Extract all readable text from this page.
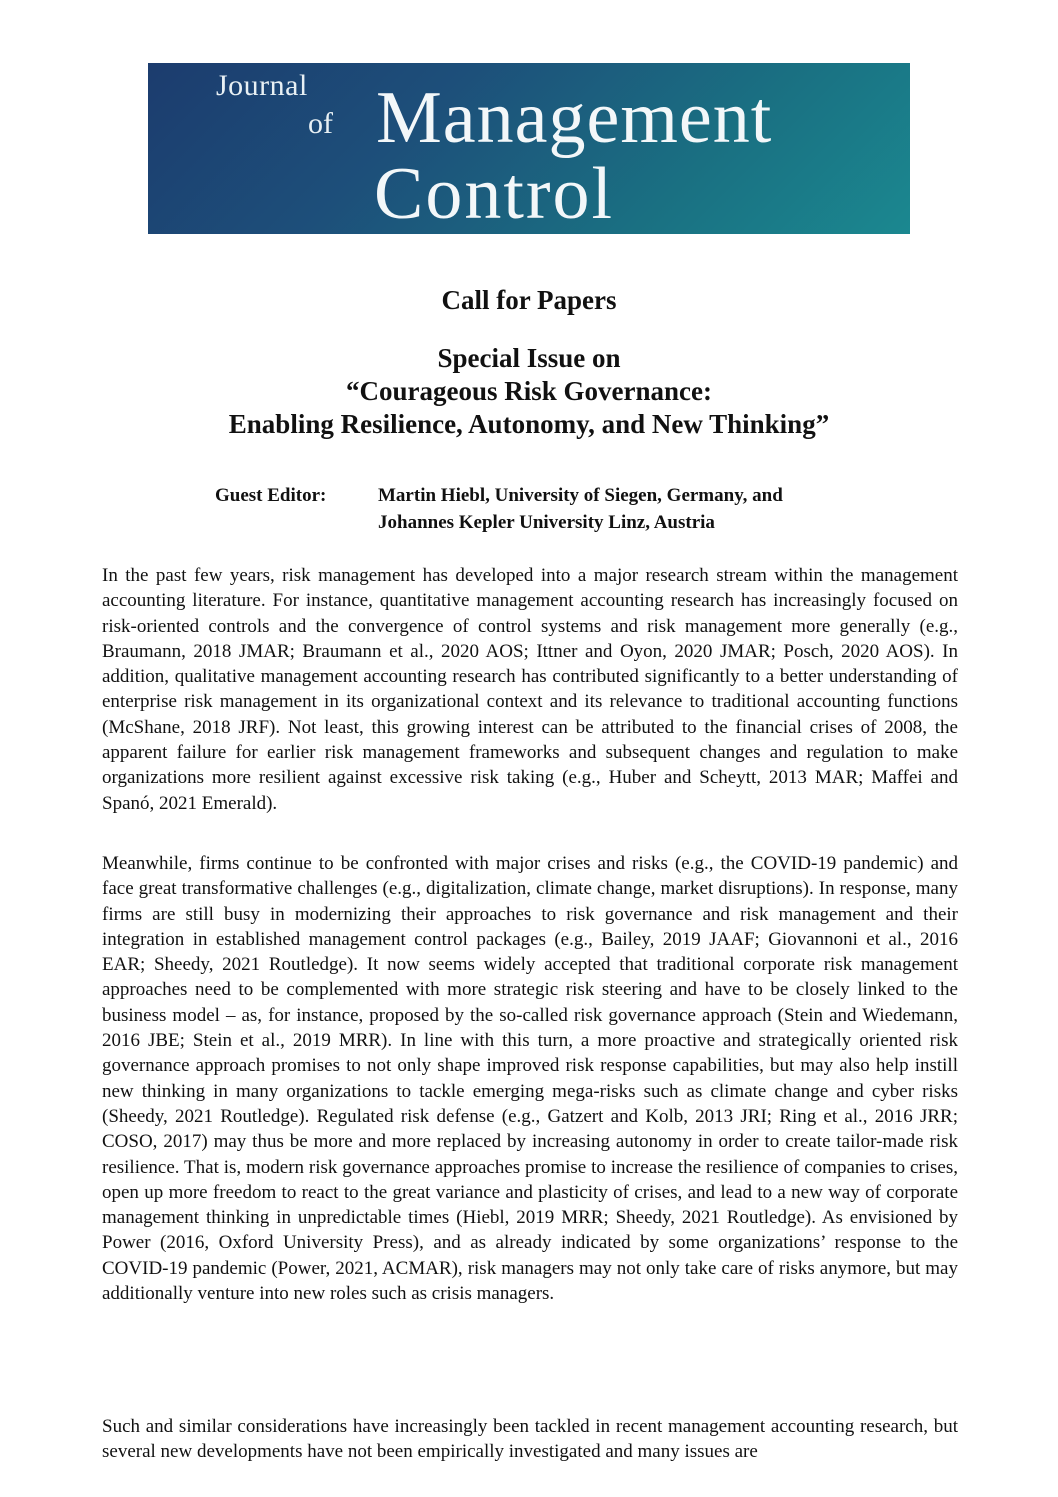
Journal
of Management
Control
Call for Papers
Special Issue on
“Courageous Risk Governance:
Enabling Resilience, Autonomy, and New Thinking”
Guest Editor:	Martin Hiebl, University of Siegen, Germany, and
Johannes Kepler University Linz, Austria

In the past few years, risk management has developed into a major research stream within the management accounting literature. For instance, quantitative management accounting research has increasingly focused on risk-oriented controls and the convergence of control systems and risk management more generally (e.g., Braumann, 2018 JMAR; Braumann et al., 2020 AOS; Ittner and Oyon, 2020 JMAR; Posch, 2020 AOS). In addition, qualitative management accounting research has contributed significantly to a better understanding of enterprise risk management in its organizational context and its relevance to traditional accounting functions (McShane, 2018 JRF). Not least, this growing interest can be attributed to the financial crises of 2008, the apparent failure for earlier risk management frameworks and subsequent changes and regulation to make organizations more resilient against excessive risk taking (e.g., Huber and Scheytt, 2013 MAR; Maffei and Spanó, 2021 Emerald).

Meanwhile, firms continue to be confronted with major crises and risks (e.g., the COVID-19 pandemic) and face great transformative challenges (e.g., digitalization, climate change, market disruptions). In response, many firms are still busy in modernizing their approaches to risk governance and risk management and their integration in established management control packages (e.g., Bailey, 2019 JAAF; Giovannoni et al., 2016 EAR; Sheedy, 2021 Routledge). It now seems widely accepted that traditional corporate risk management approaches need to be complemented with more strategic risk steering and have to be closely linked to the business model – as, for instance, proposed by the so-called risk governance approach (Stein and Wiedemann, 2016 JBE; Stein et al., 2019 MRR). In line with this turn, a more proactive and strategically oriented risk governance approach promises to not only shape improved risk response capabilities, but may also help instill new thinking in many organizations to tackle emerging mega-risks such as climate change and cyber risks (Sheedy, 2021 Routledge). Regulated risk defense (e.g., Gatzert and Kolb, 2013 JRI; Ring et al., 2016 JRR; COSO, 2017) may thus be more and more replaced by increasing autonomy in order to create tailor-made risk resilience. That is, modern risk governance approaches promise to increase the resilience of companies to crises, open up more freedom to react to the great variance and plasticity of crises, and lead to a new way of corporate management thinking in unpredictable times (Hiebl, 2019 MRR; Sheedy, 2021 Routledge). As envisioned by Power (2016, Oxford University Press), and as already indicated by some organizations’ response to the COVID-19 pandemic (Power, 2021, ACMAR), risk managers may not only take care of risks anymore, but may additionally venture into new roles such as crisis managers.

Such and similar considerations have increasingly been tackled in recent management accounting research, but several new developments have not been empirically investigated and many issues are
